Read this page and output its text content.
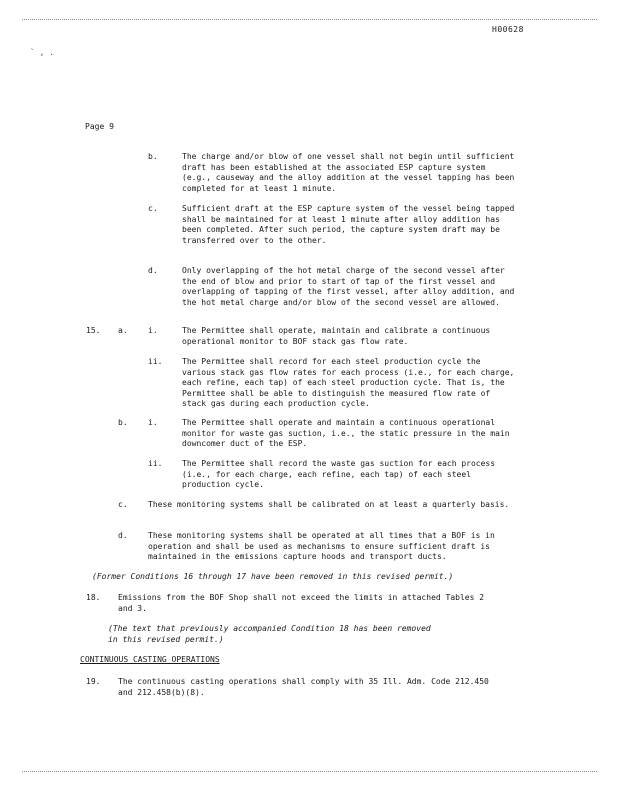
H00628
` , .
Page 9
b.	The charge and/or blow of one vessel shall not begin until sufficient draft has been established at the associated ESP capture system (e.g., causeway and the alloy addition at the vessel tapping has been completed for at least 1 minute.
c.	Sufficient draft at the ESP capture system of the vessel being tapped shall be maintained for at least 1 minute after alloy addition has been completed. After such period, the capture system draft may be transferred over to the other.
d.	Only overlapping of the hot metal charge of the second vessel after the end of blow and prior to start of tap of the first vessel and overlapping of tapping of the first vessel, after alloy addition, and the hot metal charge and/or blow of the second vessel are allowed.
15. a.	i.	The Permittee shall operate, maintain and calibrate a continuous operational monitor to BOF stack gas flow rate.
ii. The Permittee shall record for each steel production cycle the various stack gas flow rates for each process (i.e., for each charge, each refine, each tap) of each steel production cycle. That is, the Permittee shall be able to distinguish the measured flow rate of stack gas during each production cycle.
b.	i.	The Permittee shall operate and maintain a continuous operational monitor for waste gas suction, i.e., the static pressure in the main downcomer duct of the ESP.
ii. The Permittee shall record the waste gas suction for each process (i.e., for each charge, each refine, each tap) of each steel production cycle.
c.	These monitoring systems shall be calibrated on at least a quarterly basis.
d.	These monitoring systems shall be operated at all times that a BOF is in operation and shall be used as mechanisms to ensure sufficient draft is maintained in the emissions capture hoods and transport ducts.
(Former Conditions 16 through 17 have been removed in this revised permit.)
18. Emissions from the BOF Shop shall not exceed the limits in attached Tables 2 and 3.
(The text that previously accompanied Condition 18 has been removed in this revised permit.)
CONTINUOUS CASTING OPERATIONS
19. The continuous casting operations shall comply with 35 Ill. Adm. Code 212.450 and 212.458(b)(8).
